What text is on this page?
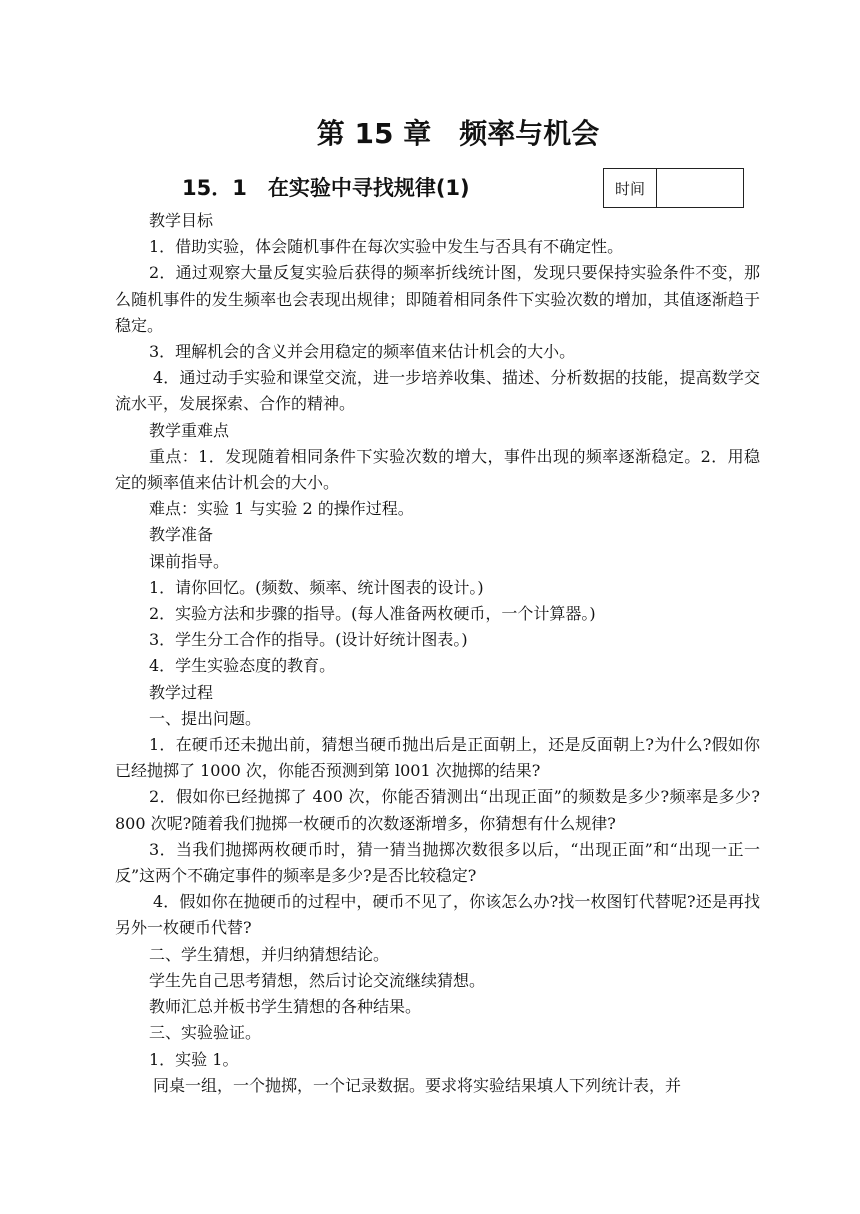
第 15 章　频率与机会
15．1　在实验中寻找规律(1)	时间

教学目标

1．借助实验，体会随机事件在每次实验中发生与否具有不确定性。

2．通过观察大量反复实验后获得的频率折线统计图，发现只要保持实验条件不变，那么随机事件的发生频率也会表现出规律；即随着相同条件下实验次数的增加，其值逐渐趋于稳定。

3．理解机会的含义并会用稳定的频率值来估计机会的大小。

4．通过动手实验和课堂交流，进一步培养收集、描述、分析数据的技能，提高数学交流水平，发展探索、合作的精神。

教学重难点

重点：1．发现随着相同条件下实验次数的增大，事件出现的频率逐渐稳定。2．用稳定的频率值来估计机会的大小。

难点：实验 1 与实验 2 的操作过程。

教学准备

课前指导。

1．请你回忆。(频数、频率、统计图表的设计。)

2．实验方法和步骤的指导。(每人准备两枚硬币，一个计算器。)

3．学生分工合作的指导。(设计好统计图表。)

4．学生实验态度的教育。

教学过程

一、提出问题。

1．在硬币还未抛出前，猜想当硬币抛出后是正面朝上，还是反面朝上?为什么?假如你已经抛掷了 1000 次，你能否预测到第 l001 次抛掷的结果?

2．假如你已经抛掷了 400 次，你能否猜测出“出现正面”的频数是多少?频率是多少?800 次呢?随着我们抛掷一枚硬币的次数逐渐增多，你猜想有什么规律?

3．当我们抛掷两枚硬币时，猜一猜当抛掷次数很多以后，“出现正面”和“出现一正一反”这两个不确定事件的频率是多少?是否比较稳定?

4．假如你在抛硬币的过程中，硬币不见了，你该怎么办?找一枚图钉代替呢?还是再找另外一枚硬币代替?

二、学生猜想，并归纳猜想结论。

学生先自己思考猜想，然后讨论交流继续猜想。

教师汇总并板书学生猜想的各种结果。

三、实验验证。

1．实验 1。

同桌一组，一个抛掷，一个记录数据。要求将实验结果填人下列统计表，并
